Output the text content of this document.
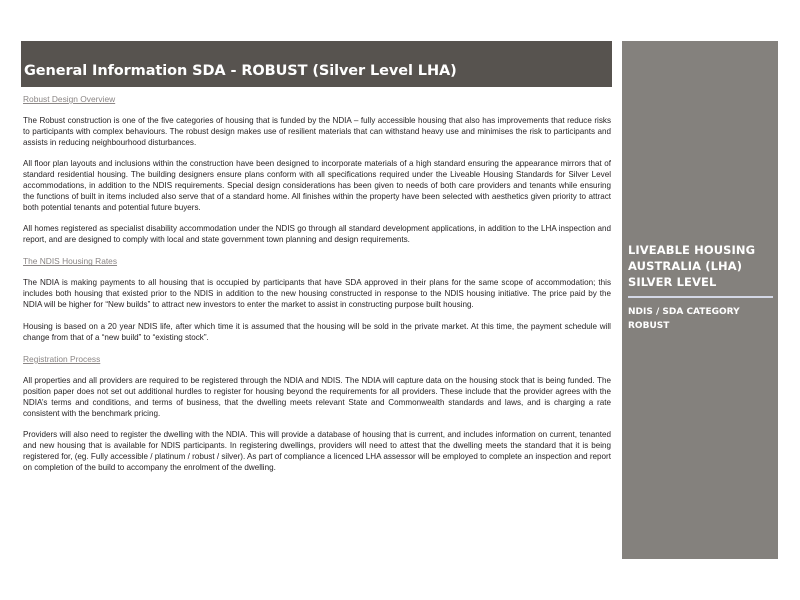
General Information SDA - ROBUST (Silver Level LHA)
LIVEABLE HOUSING
AUSTRALIA (LHA)
SILVER LEVEL
NDIS / SDA CATEGORY
ROBUST
Robust Design Overview

The Robust construction is one of the five categories of housing that is funded by the NDIA – fully accessible housing that also has improvements that reduce risks to participants with complex behaviours. The robust design makes use of resilient materials that can withstand heavy use and minimises the risk to participants and assists in reducing neighbourhood disturbances.

All floor plan layouts and inclusions within the construction have been designed to incorporate materials of a high standard ensuring the appearance mirrors that of standard residential housing. The building designers ensure plans conform with all specifications required under the Liveable Housing Standards for Silver Level accommodations, in addition to the NDIS requirements. Special design considerations has been given to needs of both care providers and tenants while ensuring the functions of built in items included also serve that of a standard home. All finishes within the property have been selected with aesthetics given priority to attract both potential tenants and potential future buyers.

All homes registered as specialist disability accommodation under the NDIS go through all standard development applications, in addition to the LHA inspection and report, and are designed to comply with local and state government town planning and design requirements.

The NDIS Housing Rates

The NDIA is making payments to all housing that is occupied by participants that have SDA approved in their plans for the same scope of accommodation; this includes both housing that existed prior to the NDIS in addition to the new housing constructed in response to the NDIS housing initiative. The price paid by the NDIA will be higher for “New builds” to attract new investors to enter the market to assist in constructing purpose built housing.

Housing is based on a 20 year NDIS life, after which time it is assumed that the housing will be sold in the private market. At this time, the payment schedule will change from that of a “new build” to “existing stock”.

Registration Process

All properties and all providers are required to be registered through the NDIA and NDIS. The NDIA will capture data on the housing stock that is being funded. The position paper does not set out additional hurdles to register for housing beyond the requirements for all providers. These include that the provider agrees with the NDIA’s terms and conditions, and terms of business, that the dwelling meets relevant State and Commonwealth standards and laws, and is charging a rate consistent with the benchmark pricing.

Providers will also need to register the dwelling with the NDIA. This will provide a database of housing that is current, and includes information on current, tenanted and new housing that is available for NDIS participants. In registering dwellings, providers will need to attest that the dwelling meets the standard that it is being registered for, (eg. Fully accessible / platinum / robust / silver). As part of compliance a licenced LHA assessor will be employed to complete an inspection and report on completion of the build to accompany the enrolment of the dwelling.
